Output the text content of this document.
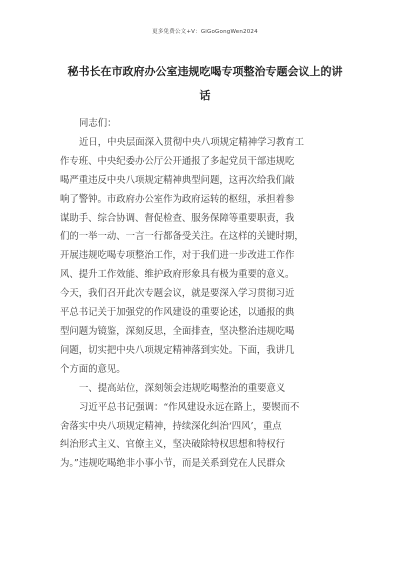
更多免费公文+V：GiGoGongWen2024
秘书长在市政府办公室违规吃喝专项整治专题会议上的讲
话
同志们：
近日，中央层面深入贯彻中央八项规定精神学习教育工
作专班、中央纪委办公厅公开通报了多起党员干部违规吃
喝严重违反中央八项规定精神典型问题，这再次给我们敲
响了警钟。市政府办公室作为政府运转的枢纽，承担着参
谋助手、综合协调、督促检查、服务保障等重要职责，我
们的一举一动、一言一行都备受关注。在这样的关键时期，
开展违规吃喝专项整治工作，对于我们进一步改进工作作
风、提升工作效能、维护政府形象具有极为重要的意义。
今天，我们召开此次专题会议，就是要深入学习贯彻习近
平总书记关于加强党的作风建设的重要论述，以通报的典
型问题为镜鉴，深刻反思，全面排查，坚决整治违规吃喝
问题，切实把中央八项规定精神落到实处。下面，我讲几
个方面的意见。
一、提高站位，深刻领会违规吃喝整治的重要意义
习近平总书记强调：“作风建设永远在路上，要锲而不
舍落实中央八项规定精神，持续深化纠治‘四风’，重点
纠治形式主义、官僚主义，坚决破除特权思想和特权行
为。”违规吃喝绝非小事小节，而是关系到党在人民群众
